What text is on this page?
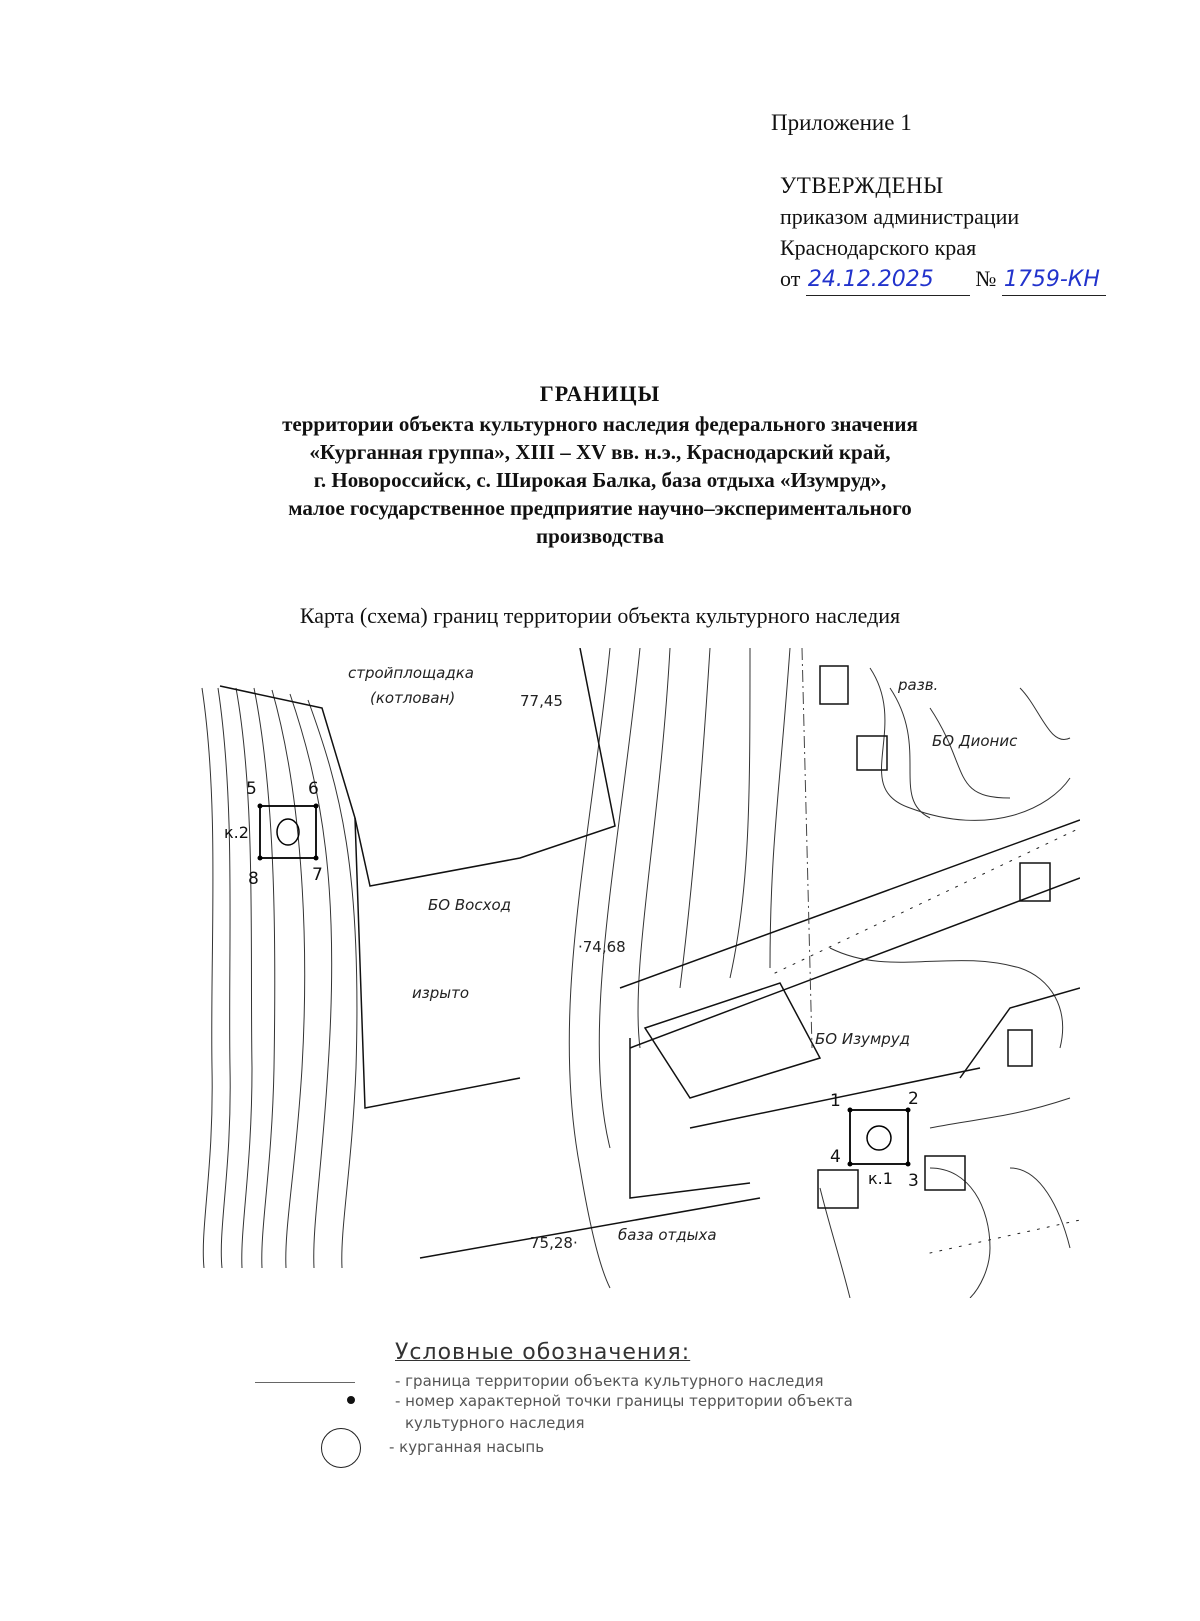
Приложение 1
УТВЕРЖДЕНЫ
приказом администрации
Краснодарского края
от 24.12.2025 № 1759-КН
ГРАНИЦЫ
территории объекта культурного наследия федерального значения
«Курганная группа», XIII – XV вв. н.э., Краснодарский край,
г. Новороссийск, с. Широкая Балка, база отдыха «Изумруд»,
малое государственное предприятие научно–экспериментального
производства
Карта (схема) границ территории объекта культурного наследия
5	6
7
8
1	2
3
4
к.2
к.1
стройплощадка
(котлован)
разв.
БО Дионис
БО Восход
изрыто
БО Изумруд
база отдыха
77,45
·74,68
75,28·
Условные обозначения:
- граница территории объекта культурного наследия
- номер характерной точки границы территории объекта
культурного наследия
- курганная насыпь
